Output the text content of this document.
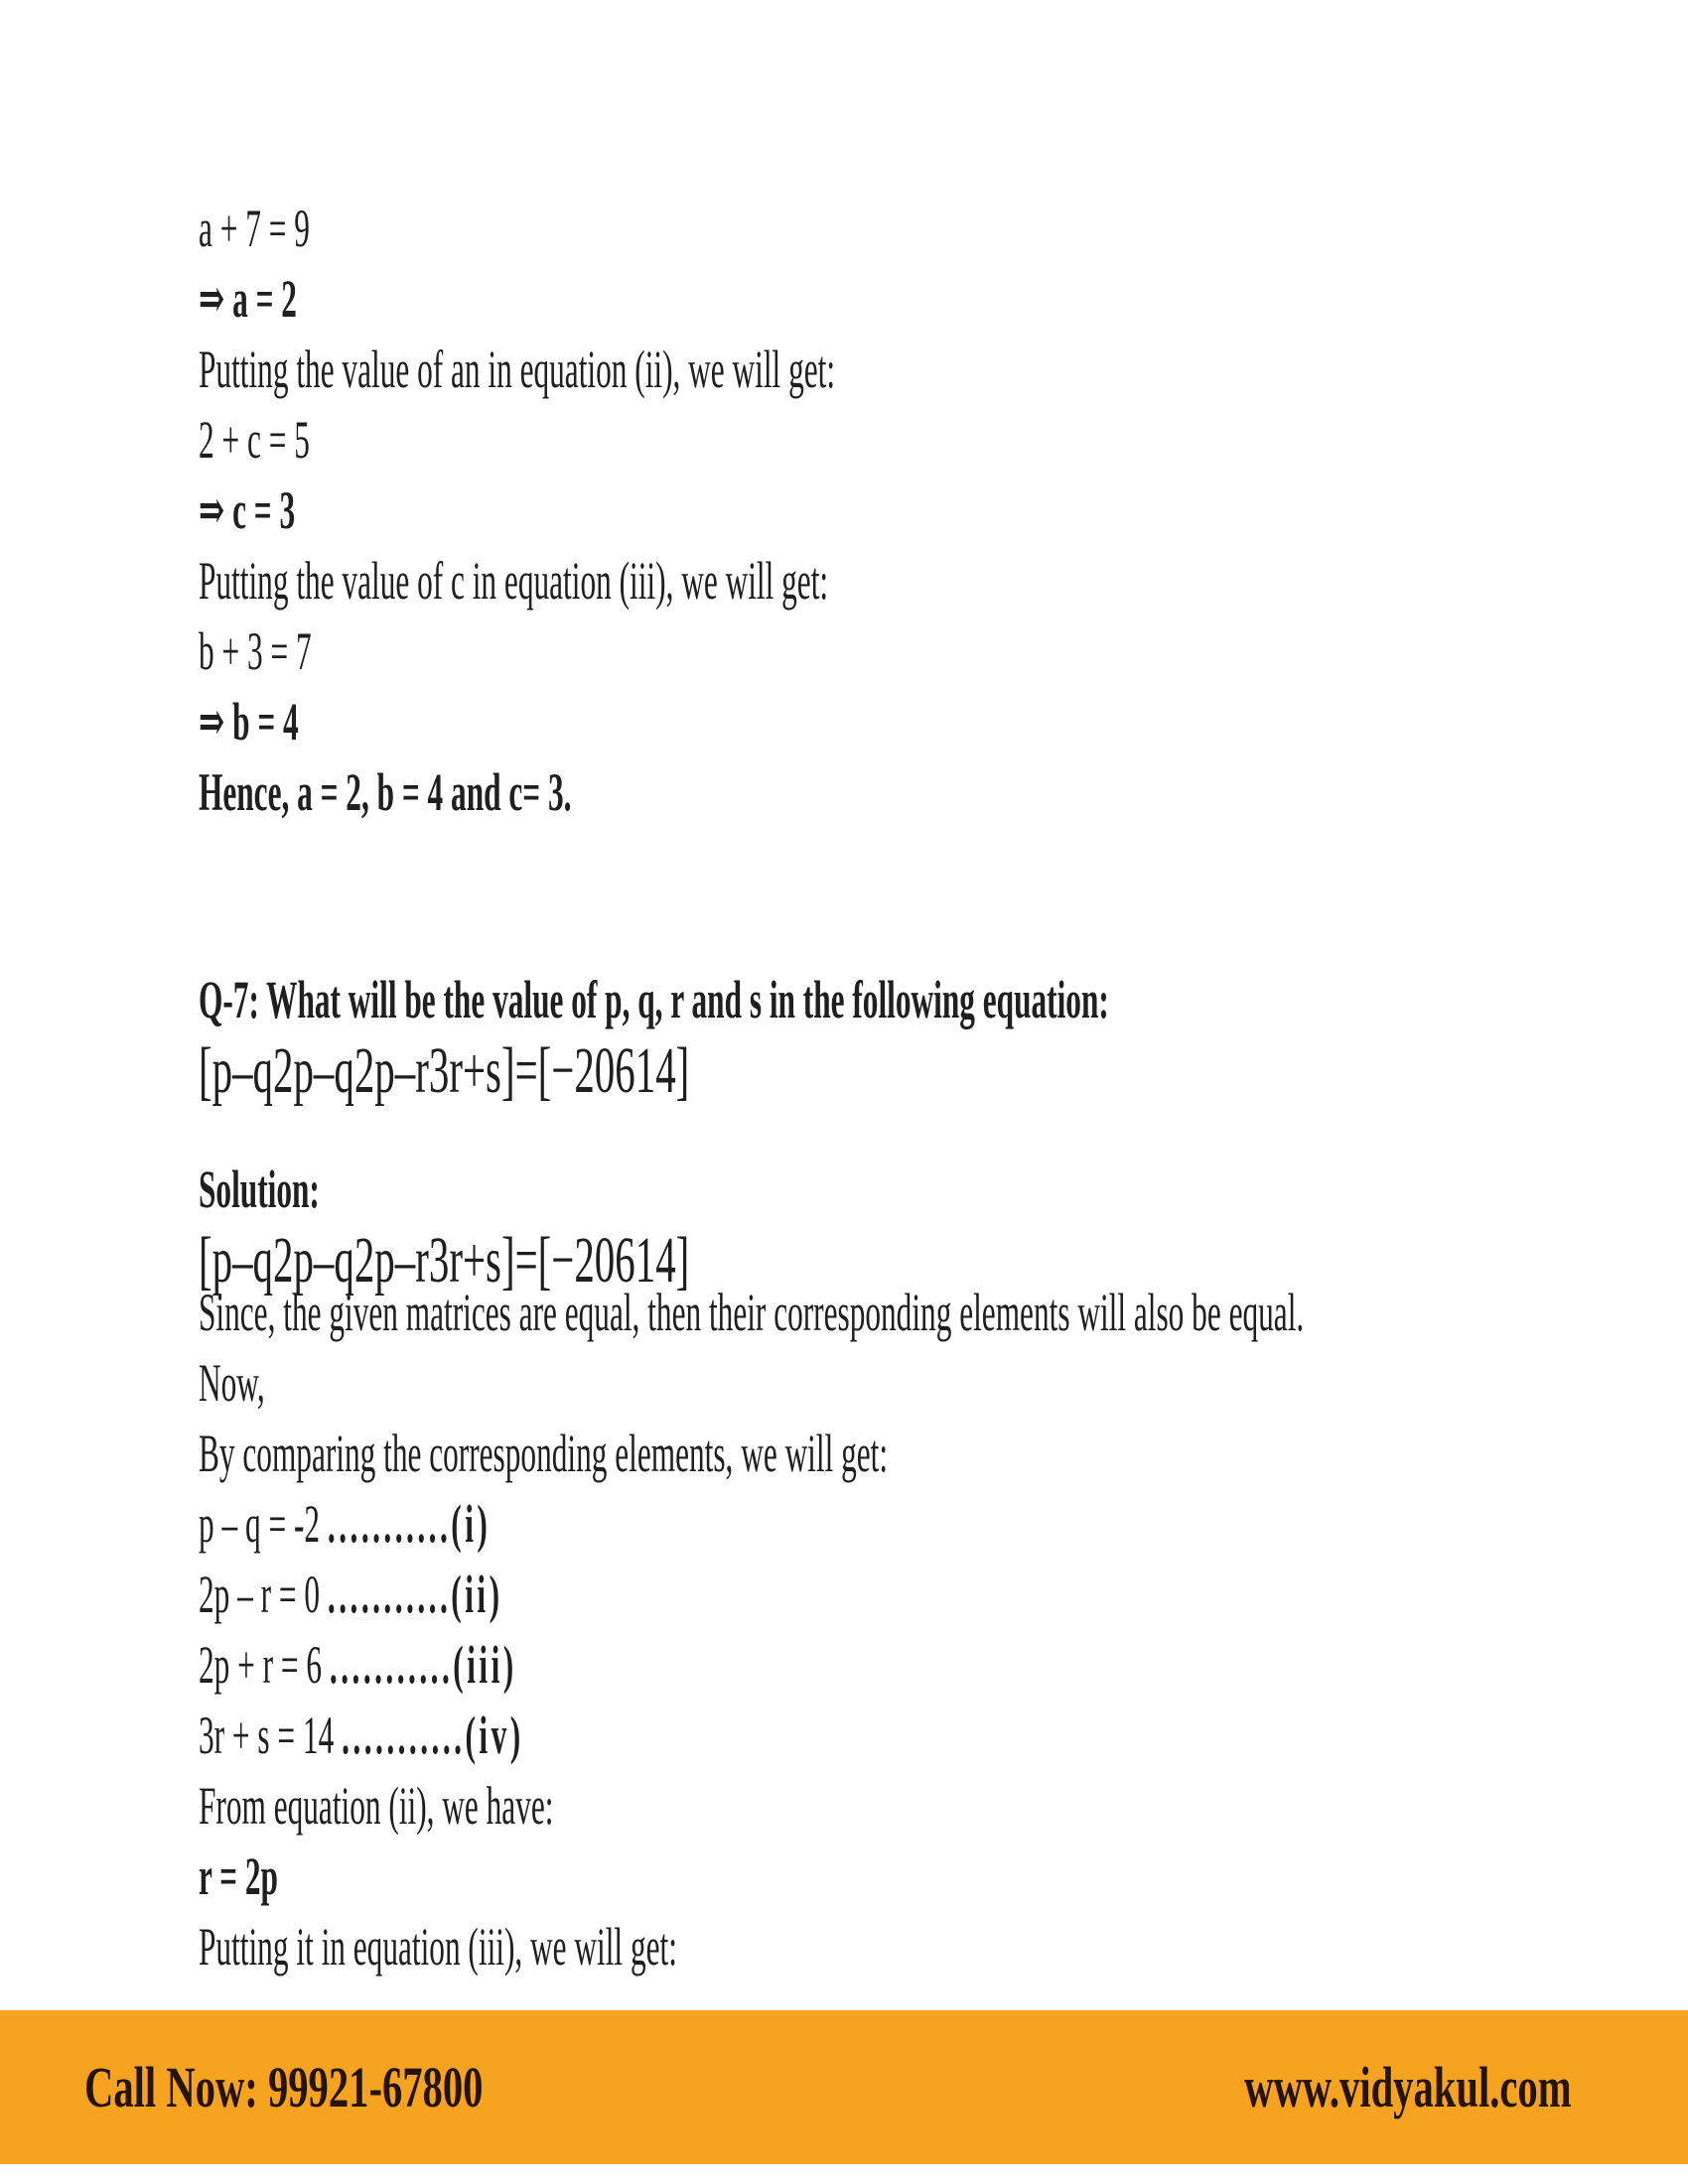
a + 7 = 9

⇒ a = 2

Putting the value of an in equation (ii), we will get:

2 + c = 5

⇒ c = 3

Putting the value of c in equation (iii), we will get:

b + 3 = 7

⇒ b = 4

Hence, a = 2, b = 4 and c= 3.

Q-7: What will be the value of p, q, r and s in the following equation:

[p–q2p–q2p–r3r+s]=[−20614]

Solution:

[p–q2p–q2p–r3r+s]=[−20614]

Since, the given matrices are equal, then their corresponding elements will also be equal.

Now,

By comparing the corresponding elements, we will get:

p – q = -2 ...........(i)

2p – r = 0 ...........(ii)

2p + r = 6 ...........(iii)

3r + s = 14 ...........(iv)

From equation (ii), we have:

r = 2p

Putting it in equation (iii), we will get:

Call Now: 99921-67800	www.vidyakul.com
